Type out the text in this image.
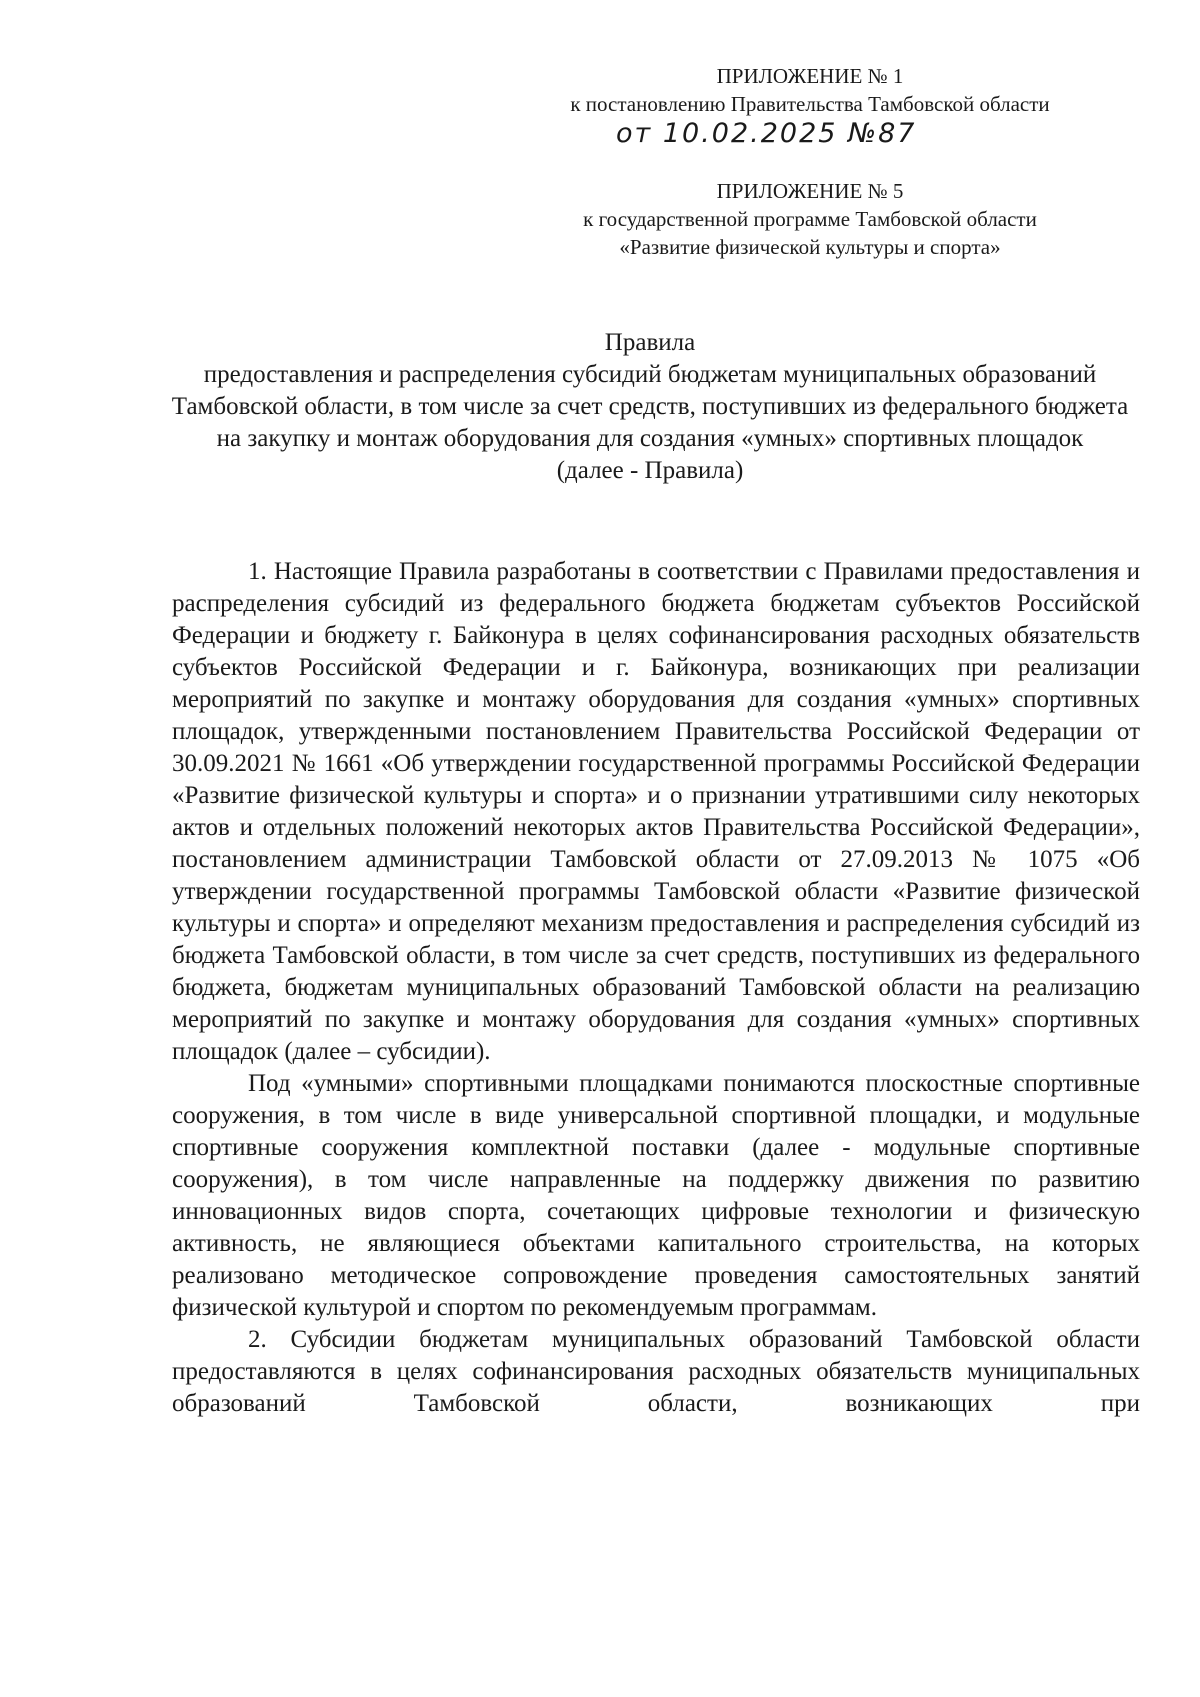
ПРИЛОЖЕНИЕ № 1
к постановлению Правительства Тамбовской области
от 10.02.2025 №87
ПРИЛОЖЕНИЕ № 5
к государственной программе Тамбовской области
«Развитие физической культуры и спорта»
Правила
предоставления и распределения субсидий бюджетам муниципальных образований Тамбовской области, в том числе за счет средств, поступивших из федерального бюджета на закупку и монтаж оборудования для создания «умных» спортивных площадок
(далее - Правила)

1. Настоящие Правила разработаны в соответствии с Правилами предоставления и распределения субсидий из федерального бюджета бюджетам субъектов Российской Федерации и бюджету г. Байконура в целях софинансирования расходных обязательств субъектов Российской Федерации и г. Байконура, возникающих при реализации мероприятий по закупке и монтажу оборудования для создания «умных» спортивных площадок, утвержденными постановлением Правительства Российской Федерации от 30.09.2021 № 1661 «Об утверждении государственной программы Российской Федерации «Развитие физической культуры и спорта» и о признании утратившими силу некоторых актов и отдельных положений некоторых актов Правительства Российской Федерации», постановлением администрации Тамбовской области от 27.09.2013 № 1075 «Об утверждении государственной программы Тамбовской области «Развитие физической культуры и спорта» и определяют механизм предоставления и распределения субсидий из бюджета Тамбовской области, в том числе за счет средств, поступивших из федерального бюджета, бюджетам муниципальных образований Тамбовской области на реализацию мероприятий по закупке и монтажу оборудования для создания «умных» спортивных площадок (далее – субсидии).

Под «умными» спортивными площадками понимаются плоскостные спортивные сооружения, в том числе в виде универсальной спортивной площадки, и модульные спортивные сооружения комплектной поставки (далее - модульные спортивные сооружения), в том числе направленные на поддержку движения по развитию инновационных видов спорта, сочетающих цифровые технологии и физическую активность, не являющиеся объектами капитального строительства, на которых реализовано методическое сопровождение проведения самостоятельных занятий физической культурой и спортом по рекомендуемым программам.

2. Субсидии бюджетам муниципальных образований Тамбовской области предоставляются в целях софинансирования расходных обязательств муниципальных образований Тамбовской области, возникающих при
